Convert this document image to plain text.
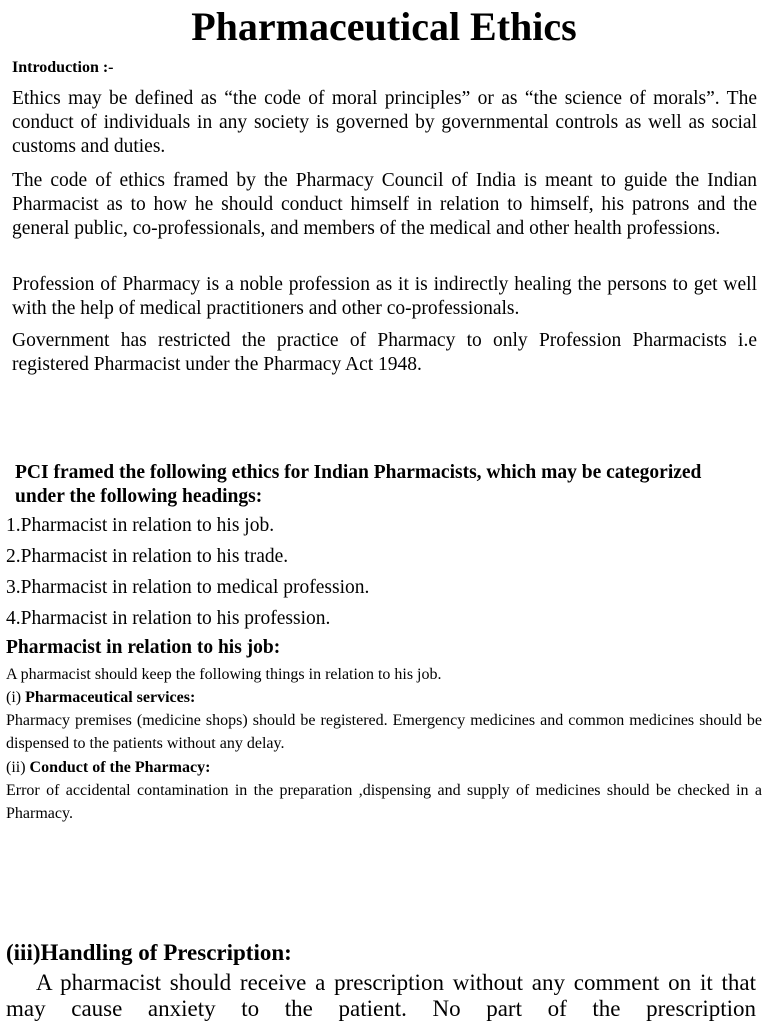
Pharmaceutical Ethics
Introduction :-
Ethics may be defined as “the code of moral principles” or as “the science of morals”. The conduct of individuals in any society is governed by governmental controls as well as social customs and duties.
The code of ethics framed by the Pharmacy Council of India is meant to guide the Indian Pharmacist as to how he should conduct himself in relation to himself, his patrons and the general public, co-professionals, and members of the medical and other health professions.
Profession of Pharmacy is a noble profession as it is indirectly healing the persons to get well with the help of medical practitioners and other co-professionals.
Government has restricted the practice of Pharmacy to only Profession Pharmacists i.e registered Pharmacist under the Pharmacy Act 1948.
PCI framed the following ethics for Indian Pharmacists, which may be categorized under the following headings:
1.Pharmacist in relation to his job.
2.Pharmacist in relation to his trade.
3.Pharmacist in relation to medical profession.
4.Pharmacist in relation to his profession.
Pharmacist in relation to his job:
A pharmacist should keep the following things in relation to his job.
(i) Pharmaceutical services:
Pharmacy premises (medicine shops) should be registered. Emergency medicines and common medicines should be dispensed to the patients without any delay.
(ii) Conduct of the Pharmacy:
Error of accidental contamination in the preparation ,dispensing and supply of medicines should be checked in a Pharmacy.
(iii)Handling of Prescription:
A pharmacist should receive a prescription without any comment on it that may cause anxiety to the patient. No part of the prescription
